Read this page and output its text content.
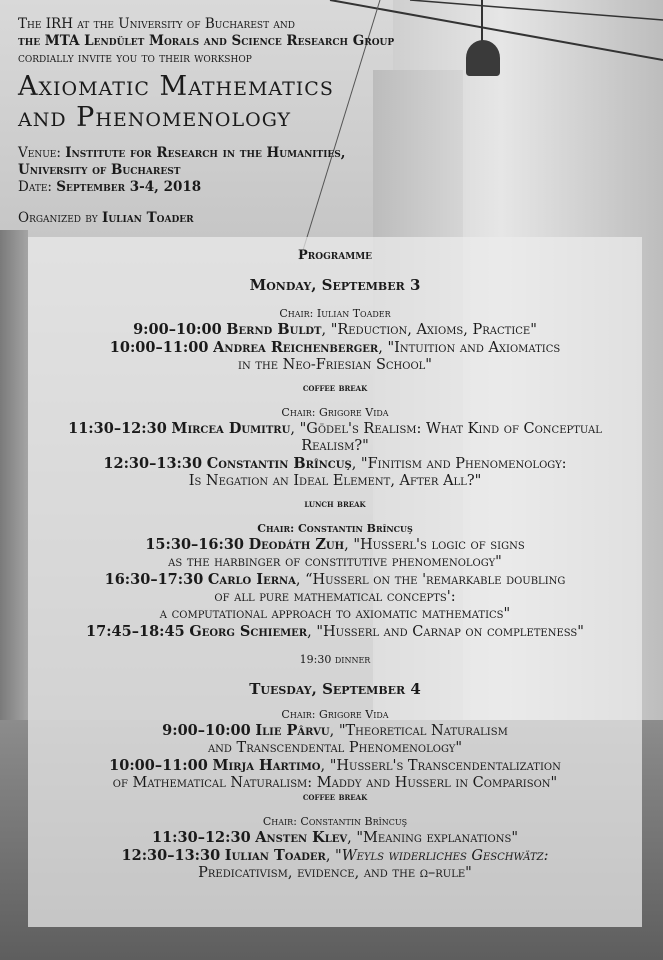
The IRH at the University of Bucharest and
the MTA Lendület Morals and Science Research Group
cordially invite you to their workshop
Axiomatic Mathematics
and Phenomenology
Venue: Institute for Research in the Humanities,
University of Bucharest
Date: September 3-4, 2018
Organized by Iulian Toader

Programme

Monday, September 3

Chair: Iulian Toader

9:00–10:00 Bernd Buldt, "Reduction, Axioms, Practice"

10:00–11:00 Andrea Reichenberger, "Intuition and Axiomatics

in the Neo-Friesian School"

coffee break

Chair: Grigore Vida

11:30–12:30 Mircea Dumitru, "Gödel's Realism: What Kind of Conceptual

Realism?"

12:30–13:30 Constantin Brîncuş, "Finitism and Phenomenology:

Is Negation an Ideal Element, After All?"

lunch break

Chair: Constantin Brîncuş

15:30–16:30 Deodáth Zuh, "Husserl's logic of signs

as the harbinger of constitutive phenomenology"

16:30–17:30 Carlo Ierna, “Husserl on the 'remarkable doubling

of all pure mathematical concepts':

a computational approach to axiomatic mathematics"

17:45–18:45 Georg Schiemer, "Husserl and Carnap on completeness"

19:30 dinner

Tuesday, September 4

Chair: Grigore Vida

9:00–10:00 Ilie Pârvu, "Theoretical Naturalism

and Transcendental Phenomenology"

10:00–11:00 Mirja Hartimo, "Husserl's Transcendentalization

of Mathematical Naturalism: Maddy and Husserl in Comparison"

coffee break

Chair: Constantin Brîncuş

11:30–12:30 Ansten Klev, "Meaning explanations"

12:30–13:30 Iulian Toader, "Weyls widerliches Geschwätz:

Predicativism, evidence, and the ω–rule"
